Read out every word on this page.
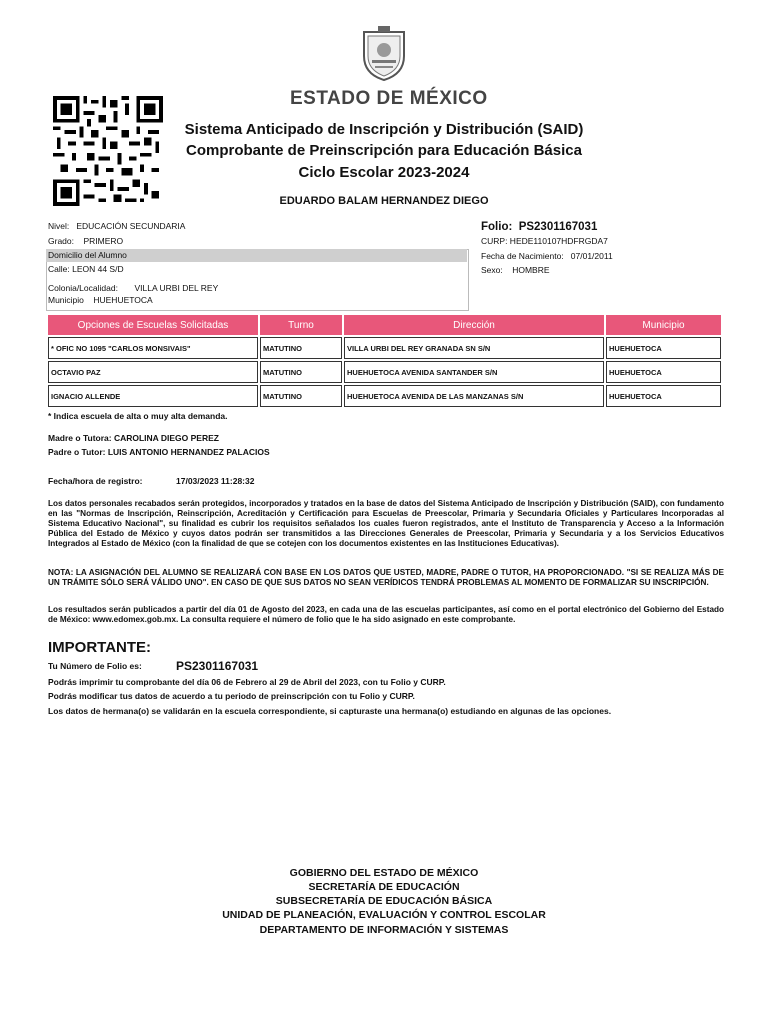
ESTADO DE MÉXICO
Sistema Anticipado de Inscripción y Distribución (SAID)
Comprobante de Preinscripción para Educación Básica
Ciclo Escolar 2023-2024
EDUARDO BALAM HERNANDEZ DIEGO
Nivel: EDUCACIÓN SECUNDARIA
Grado: PRIMERO
Domicilio del Alumno
Calle: LEON 44 S/D
Colonia/Localidad: VILLA URBI DEL REY
Municipio HUEHUETOCA
Folio: PS2301167031
CURP: HEDE110107HDFRGDA7
Fecha de Nacimiento: 07/01/2011
Sexo: HOMBRE
Opciones de Escuelas Solicitadas	Turno	Dirección	Municipio
* OFIC NO 1095 "CARLOS MONSIVAIS"	MATUTINO	VILLA URBI DEL REY GRANADA SN S/N	HUEHUETOCA
OCTAVIO PAZ	MATUTINO	HUEHUETOCA AVENIDA SANTANDER S/N	HUEHUETOCA
IGNACIO ALLENDE	MATUTINO	HUEHUETOCA AVENIDA DE LAS MANZANAS S/N	HUEHUETOCA
* Indica escuela de alta o muy alta demanda.
Madre o Tutora: CAROLINA DIEGO PEREZ
Padre o Tutor: LUIS ANTONIO HERNANDEZ PALACIOS
Fecha/hora de registro:	17/03/2023 11:28:32
Los datos personales recabados serán protegidos, incorporados y tratados en la base de datos del Sistema Anticipado de Inscripción y Distribución (SAID), con fundamento en las "Normas de Inscripción, Reinscripción, Acreditación y Certificación para Escuelas de Preescolar, Primaria y Secundaria Oficiales y Particulares Incorporadas al Sistema Educativo Nacional", su finalidad es cubrir los requisitos señalados los cuales fueron registrados, ante el Instituto de Transparencia y Acceso a la Información Pública del Estado de México y cuyos datos podrán ser transmitidos a las Direcciones Generales de Preescolar, Primaria y Secundaria y a los Servicios Educativos Integrados al Estado de México (con la finalidad de que se cotejen con los documentos existentes en las Instituciones Educativas).
NOTA: LA ASIGNACIÓN DEL ALUMNO SE REALIZARÁ CON BASE EN LOS DATOS QUE USTED, MADRE, PADRE O TUTOR, HA PROPORCIONADO. "SI SE REALIZA MÁS DE UN TRÁMITE SÓLO SERÁ VÁLIDO UNO". EN CASO DE QUE SUS DATOS NO SEAN VERÍDICOS TENDRÁ PROBLEMAS AL MOMENTO DE FORMALIZAR SU INSCRIPCIÓN.
Los resultados serán publicados a partir del día 01 de Agosto del 2023, en cada una de las escuelas participantes, así como en el portal electrónico del Gobierno del Estado de México: www.edomex.gob.mx. La consulta requiere el número de folio que le ha sido asignado en este comprobante.
IMPORTANTE:
Tu Número de Folio es:	PS2301167031
Podrás imprimir tu comprobante del día 06 de Febrero al 29 de Abril del 2023, con tu Folio y CURP.
Podrás modificar tus datos de acuerdo a tu periodo de preinscripción con tu Folio y CURP.
Los datos de hermana(o) se validarán en la escuela correspondiente, si capturaste una hermana(o) estudiando en algunas de las opciones.
GOBIERNO DEL ESTADO DE MÉXICO
SECRETARÍA DE EDUCACIÓN
SUBSECRETARÍA DE EDUCACIÓN BÁSICA
UNIDAD DE PLANEACIÓN, EVALUACIÓN Y CONTROL ESCOLAR
DEPARTAMENTO DE INFORMACIÓN Y SISTEMAS
